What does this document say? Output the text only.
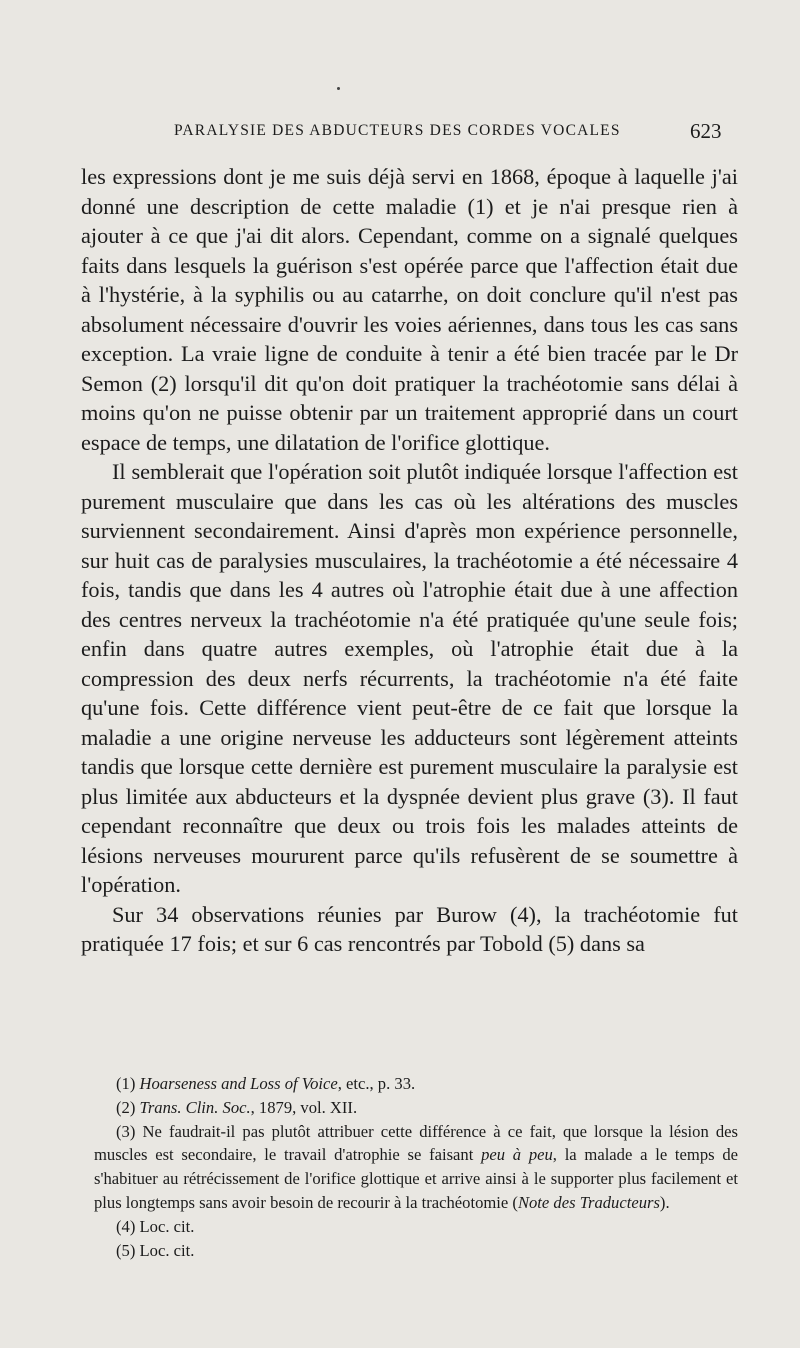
PARALYSIE DES ABDUCTEURS DES CORDES VOCALES	623

les expressions dont je me suis déjà servi en 1868, époque à laquelle j'ai donné une description de cette maladie (1) et je n'ai presque rien à ajouter à ce que j'ai dit alors. Cependant, comme on a signalé quelques faits dans lesquels la guérison s'est opérée parce que l'affection était due à l'hystérie, à la syphilis ou au catarrhe, on doit conclure qu'il n'est pas absolument nécessaire d'ouvrir les voies aériennes, dans tous les cas sans exception. La vraie ligne de conduite à tenir a été bien tracée par le Dr Semon (2) lorsqu'il dit qu'on doit pratiquer la trachéotomie sans délai à moins qu'on ne puisse obtenir par un traitement approprié dans un court espace de temps, une dilatation de l'orifice glottique.

Il semblerait que l'opération soit plutôt indiquée lorsque l'affection est purement musculaire que dans les cas où les altérations des muscles surviennent secondairement. Ainsi d'après mon expérience personnelle, sur huit cas de paralysies musculaires, la trachéotomie a été nécessaire 4 fois, tandis que dans les 4 autres où l'atrophie était due à une affection des centres nerveux la trachéotomie n'a été pratiquée qu'une seule fois; enfin dans quatre autres exemples, où l'atrophie était due à la compression des deux nerfs récurrents, la trachéotomie n'a été faite qu'une fois. Cette différence vient peut-être de ce fait que lorsque la maladie a une origine nerveuse les adducteurs sont légèrement atteints tandis que lorsque cette dernière est purement musculaire la paralysie est plus limitée aux abducteurs et la dyspnée devient plus grave (3). Il faut cependant reconnaître que deux ou trois fois les malades atteints de lésions nerveuses moururent parce qu'ils refusèrent de se soumettre à l'opération.

Sur 34 observations réunies par Burow (4), la trachéotomie fut pratiquée 17 fois; et sur 6 cas rencontrés par Tobold (5) dans sa

(1) Hoarseness and Loss of Voice, etc., p. 33.

(2) Trans. Clin. Soc., 1879, vol. XII.

(3) Ne faudrait-il pas plutôt attribuer cette différence à ce fait, que lorsque la lésion des muscles est secondaire, le travail d'atrophie se faisant peu à peu, la malade a le temps de s'habituer au rétrécissement de l'orifice glottique et arrive ainsi à le supporter plus facilement et plus longtemps sans avoir besoin de recourir à la trachéotomie (Note des Traducteurs).

(4) Loc. cit.

(5) Loc. cit.
